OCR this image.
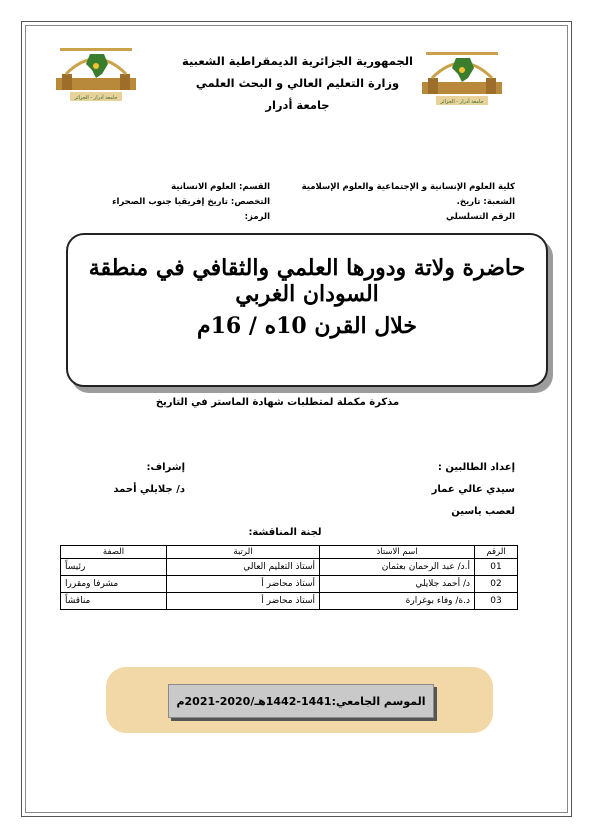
جامعة أدرار - الجزائر
جامعة أدرار - الجزائر
الجمهورية الجزائرية الديمقراطية الشعبية
وزارة التعليم العالي و البحث العلمي
جامعة أدرار
القسم: العلوم الانسانية
التخصص: تاريخ إفريقيا جنوب الصحراء
الرمز:
كلية العلوم الإنسانية و الإجتماعية والعلوم الإسلامية
الشعبة: تاريخ.
الرقم التسلسلي
حاضرة ولاتة ودورها العلمي والثقافي في منطقة السودان الغربي
خلال القرن 10ه / 16م
مذكرة مكملة لمتطلبات شهادة الماستر في التاريخ
إعداد الطالبين :
سيدي عالي عمار
لعصب ياسين
إشراف:
د/ جلايلي أحمد
لجنة المناقشة:
الرقم	اسم الاستاذ	الرتبة	الصفة
01	أ.د/ عبد الرحمان بعثمان	أستاذ التعليم العالي	رئيساً
02	د/ أحمد جلايلي	أستاذ محاضر أ	مشرفا ومقررا
03	د.ة/ وفاء بوغرارة	أستاذ محاضر أ	مناقشاً
الموسم الجامعي:1441-1442هـ/2020-2021م
